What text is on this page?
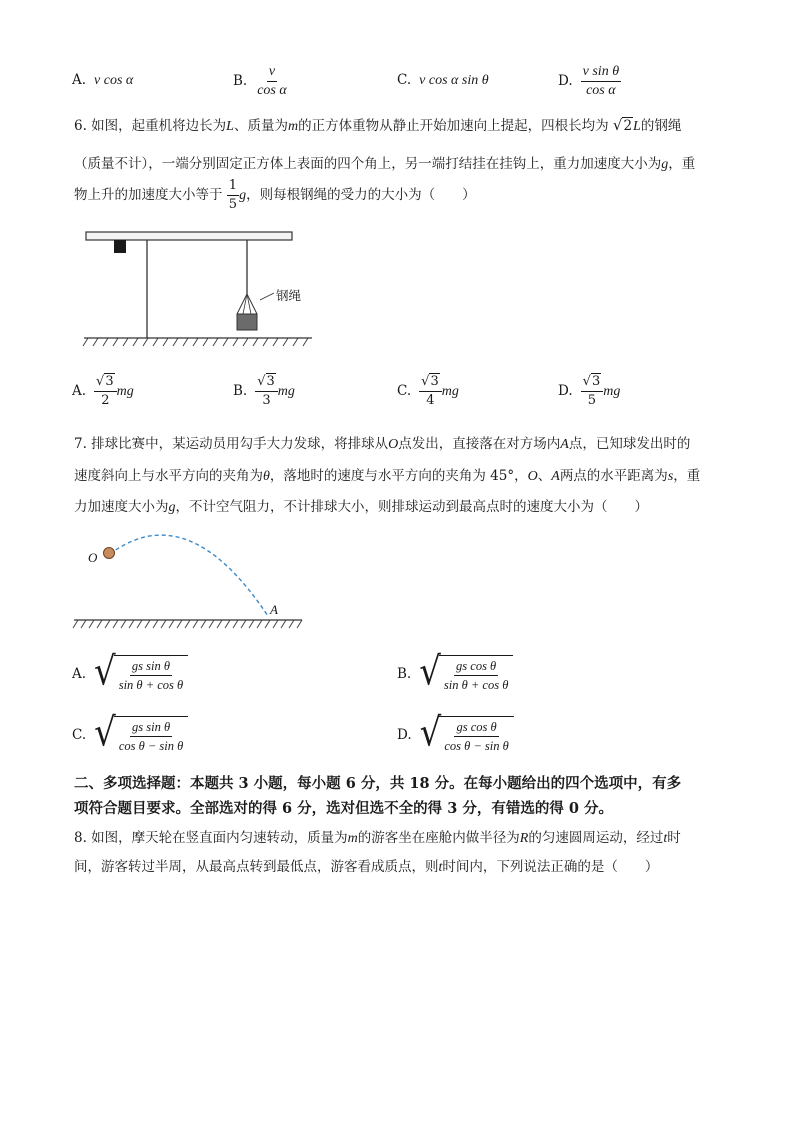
A. v cos α	B. $\frac{v}{\text{cos α}}$	C. v cos α sin θ	D. $\frac{\text{v sin θ}}{\text{cos α}}$
6. 如图，起重机将边长为L、质量为m的正方体重物从静止开始加速向上提起，四根长均为 √2L的钢绳
（质量不计），一端分别固定正方体上表面的四个角上，另一端打结挂在挂钩上，重力加速度大小为g，重
物上升的加速度大小等于 $\frac{1}{5}$ g，则每根钢绳的受力的大小为（　　）
钢绳
A. $\frac{√3}{2}$ mg	B. $\frac{√3}{3}$ mg	C. $\frac{√3}{4}$ mg	D. $\frac{√3}{5}$ mg
7. 排球比赛中，某运动员用勾手大力发球，将排球从O点发出，直接落在对方场内A点，已知球发出时的
速度斜向上与水平方向的夹角为θ，落地时的速度与水平方向的夹角为 45°，O、A两点的水平距离为s，重
力加速度大小为g，不计空气阻力，不计排球大小，则排球运动到最高点时的速度大小为（　　）
O
A
A. √ $\frac{\text{gs sin θ}}{\text{sin θ + cos θ}}$	B. √ $\frac{\text{gs cos θ}}{\text{sin θ + cos θ}}$
C. √ $\frac{\text{gs sin θ}}{\text{cos θ − sin θ}}$	D. √ $\frac{\text{gs cos θ}}{\text{cos θ − sin θ}}$
二、多项选择题：本题共 3 小题，每小题 6 分，共 18 分。在每小题给出的四个选项中，有多
项符合题目要求。全部选对的得 6 分，选对但选不全的得 3 分，有错选的得 0 分。
8. 如图，摩天轮在竖直面内匀速转动，质量为m的游客坐在座舱内做半径为R的匀速圆周运动，经过t时
间，游客转过半周，从最高点转到最低点，游客看成质点，则t时间内，下列说法正确的是（　　）
